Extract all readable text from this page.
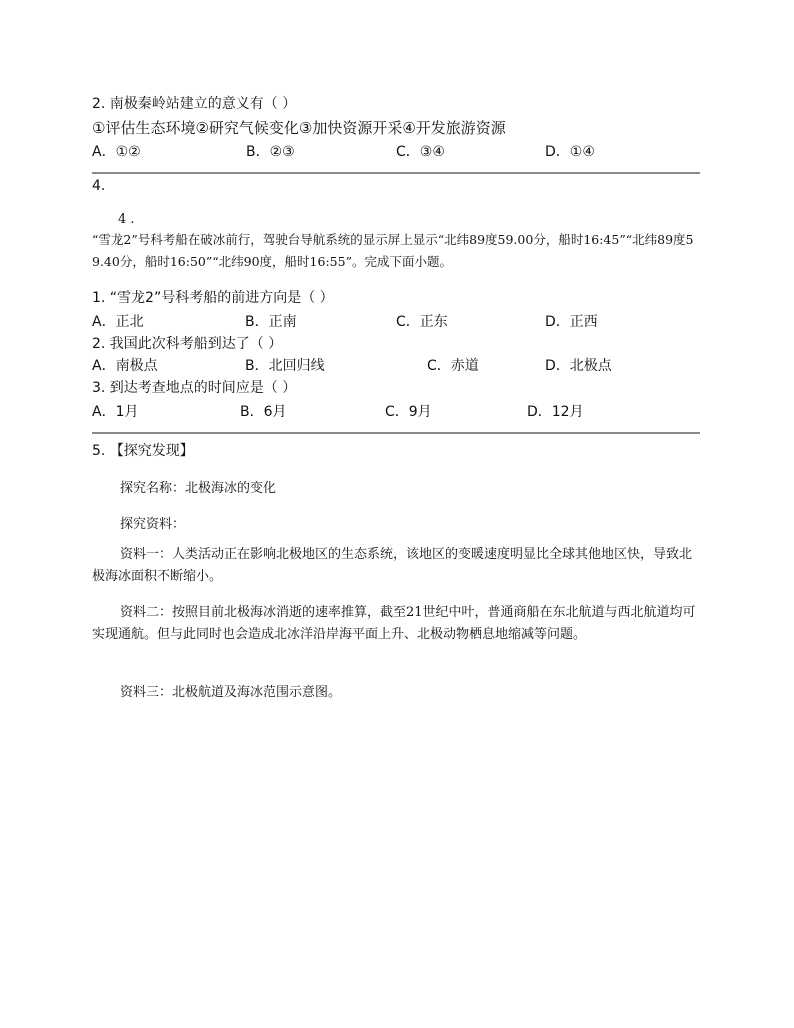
2. 南极秦岭站建立的意义有（ ）
①评估生态环境②研究气候变化③加快资源开采④开发旅游资源
A．①②	B．②③	C．③④	D．①④
4.
4 .
“雪龙2”号科考船在破冰前行，驾驶台导航系统的显示屏上显示“北纬89度59.00分，船时16:45”“北纬89度59.40分，船时16:50”“北纬90度，船时16:55”。完成下面小题。
1. “雪龙2”号科考船的前进方向是（ ）
A．正北	B．正南	C．正东	D．正西
2. 我国此次科考船到达了（ ）
A．南极点	B．北回归线	C．赤道	D．北极点
3. 到达考查地点的时间应是（ ）
A．1月	B．6月	C．9月	D．12月
5. 【探究发现】
探究名称：北极海冰的变化
探究资料：
资料一：人类活动正在影响北极地区的生态系统，该地区的变暖速度明显比全球其他地区快，导致北极海冰面积不断缩小。
资料二：按照目前北极海冰消逝的速率推算，截至21世纪中叶，普通商船在东北航道与西北航道均可实现通航。但与此同时也会造成北冰洋沿岸海平面上升、北极动物栖息地缩减等问题。
资料三：北极航道及海冰范围示意图。
